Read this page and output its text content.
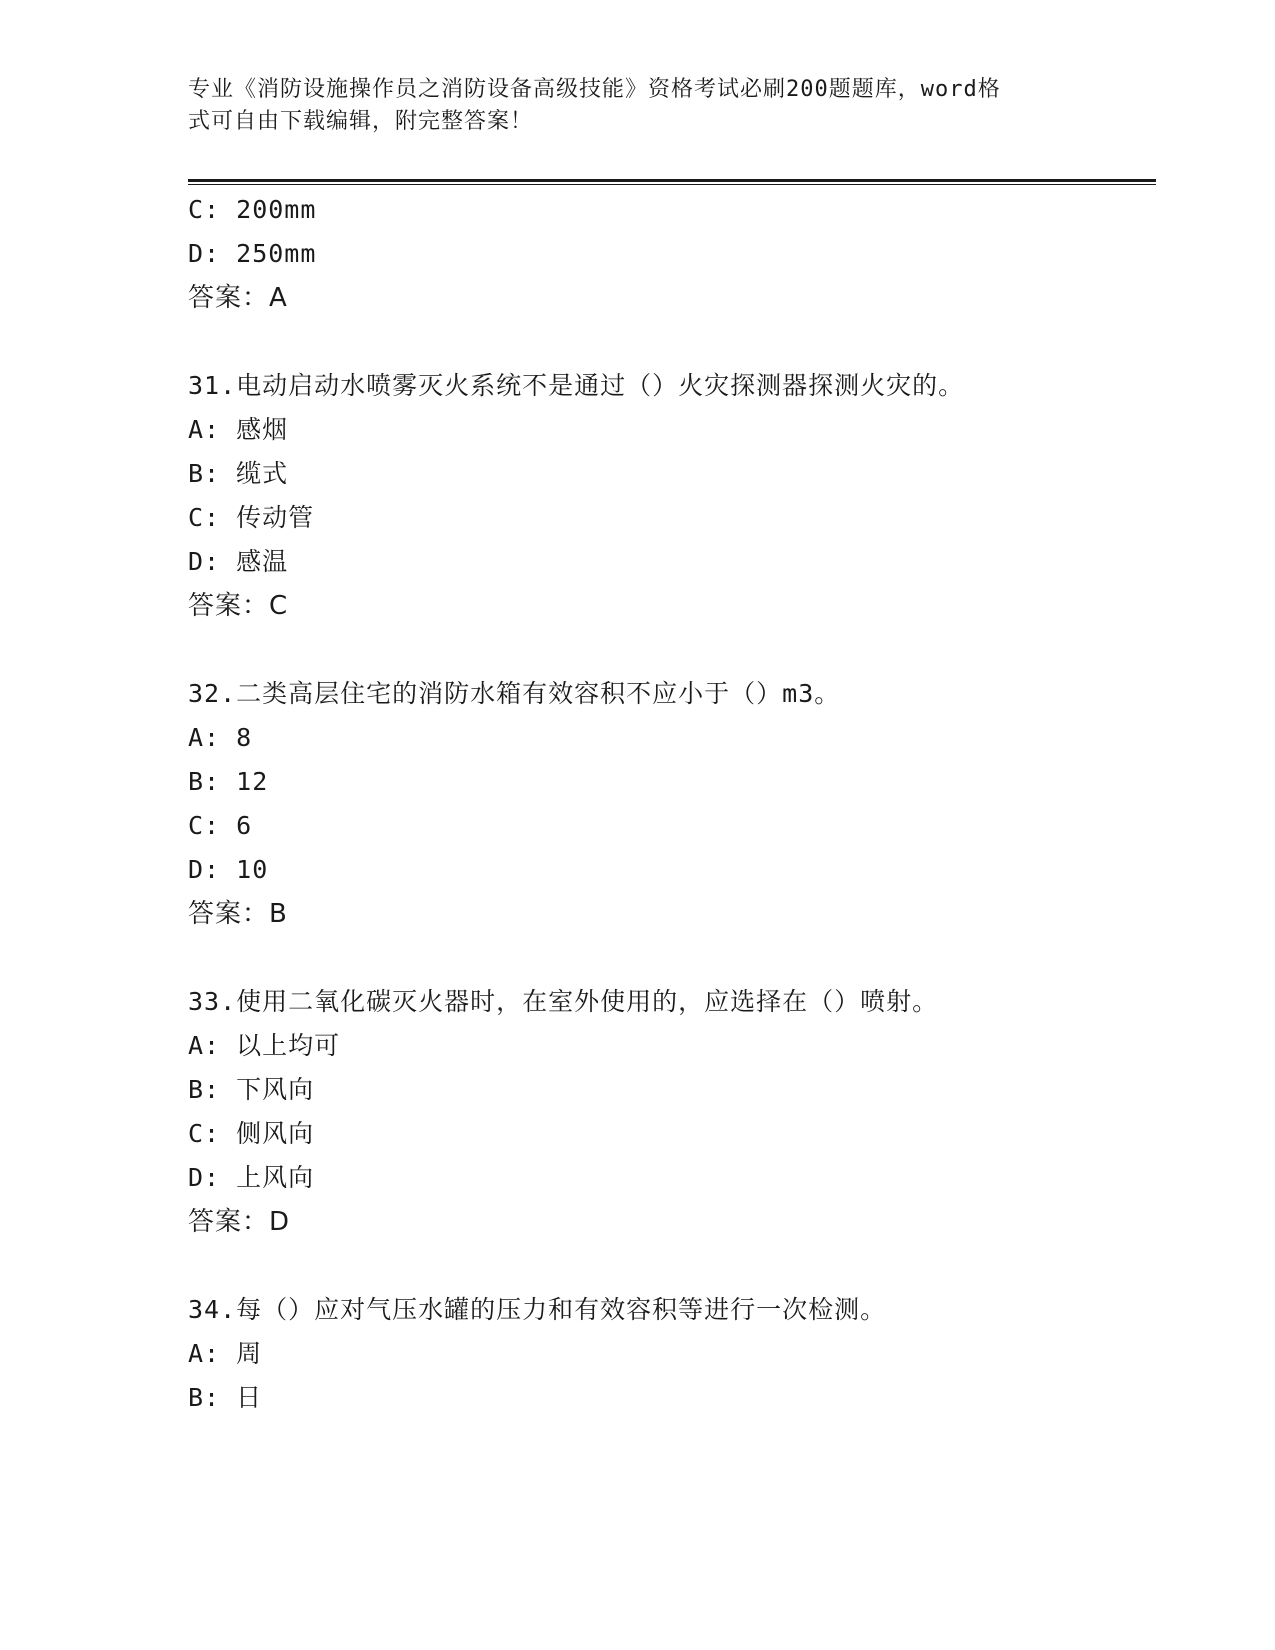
专业《消防设施操作员之消防设备高级技能》资格考试必刷200题题库，word格
式可自由下载编辑，附完整答案！
C: 200mm
D: 250mm
答案：A
31.电动启动水喷雾灭火系统不是通过（）火灾探测器探测火灾的。
A: 感烟
B: 缆式
C: 传动管
D: 感温
答案：C
32.二类高层住宅的消防水箱有效容积不应小于（）m3。
A: 8
B: 12
C: 6
D: 10
答案：B
33.使用二氧化碳灭火器时，在室外使用的，应选择在（）喷射。
A: 以上均可
B: 下风向
C: 侧风向
D: 上风向
答案：D
34.每（）应对气压水罐的压力和有效容积等进行一次检测。
A: 周
B: 日
